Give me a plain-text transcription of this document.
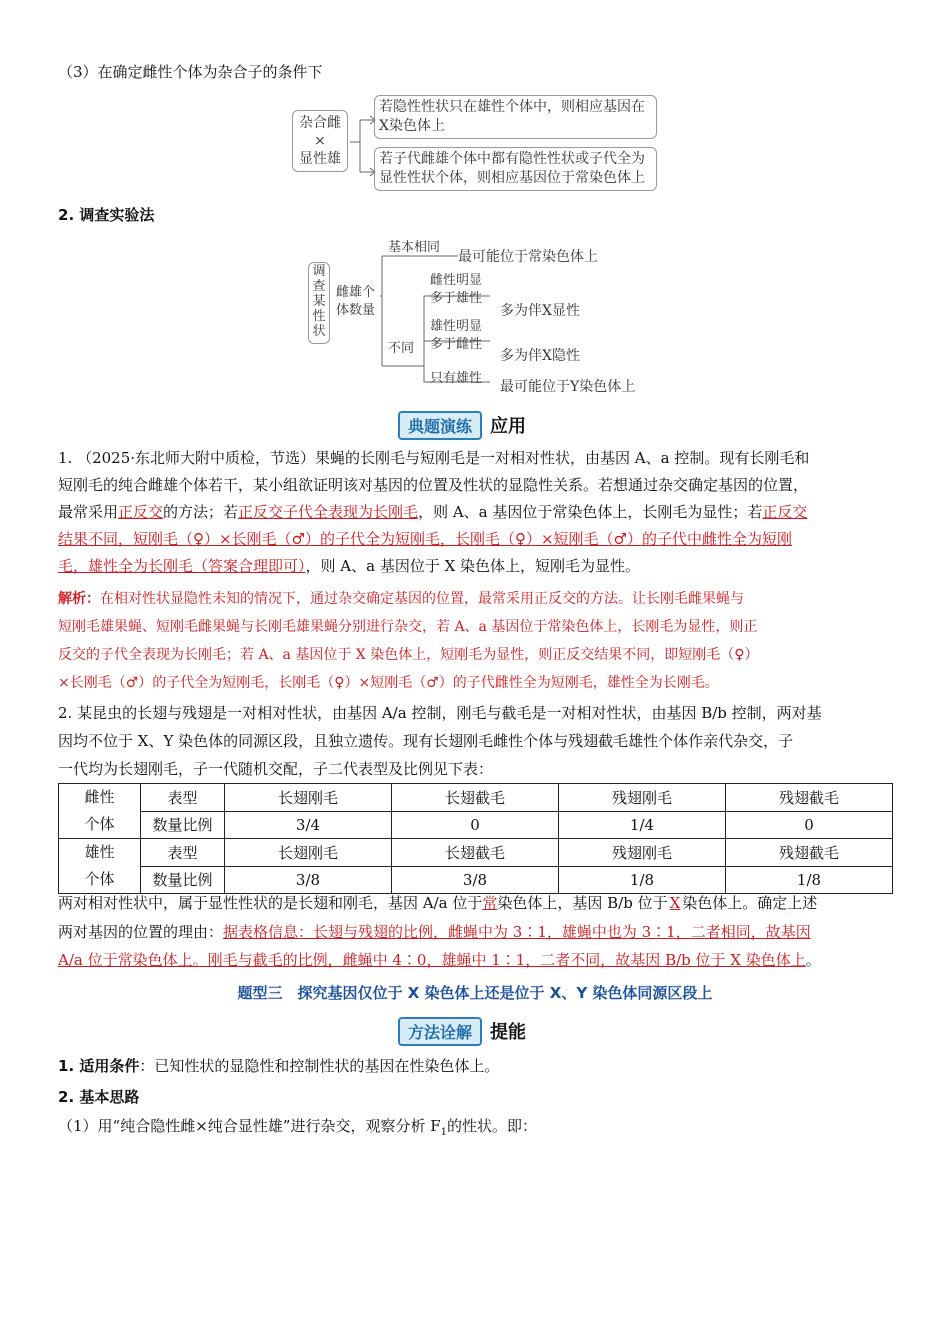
（3）在确定雌性个体为杂合子的条件下
杂合雌
×
显性雄
若隐性性状只在雄性个体中，则相应基因在
X染色体上
若子代雌雄个体中都有隐性性状或子代全为
显性性状个体，则相应基因位于常染色体上
2. 调查实验法
调
查
某
性
状
雌雄个
体数量
基本相同
最可能位于常染色体上
不同
雌性明显
多于雄性
多为伴X显性
雄性明显
多于雌性
多为伴X隐性
只有雄性
最可能位于Y染色体上
典题演练	应用
1. （2025·东北师大附中质检，节选）果蝇的长刚毛与短刚毛是一对相对性状，由基因 A、a 控制。现有长刚毛和
短刚毛的纯合雌雄个体若干，某小组欲证明该对基因的位置及性状的显隐性关系。若想通过杂交确定基因的位置，
最常采用正反交的方法；若正反交子代全表现为长刚毛，则 A、a 基因位于常染色体上，长刚毛为显性；若正反交
结果不同，短刚毛（♀）×长刚毛（♂）的子代全为短刚毛，长刚毛（♀）×短刚毛（♂）的子代中雌性全为短刚
毛，雄性全为长刚毛（答案合理即可），则 A、a 基因位于 X 染色体上，短刚毛为显性。
解析：在相对性状显隐性未知的情况下，通过杂交确定基因的位置，最常采用正反交的方法。让长刚毛雌果蝇与
短刚毛雄果蝇、短刚毛雌果蝇与长刚毛雄果蝇分别进行杂交，若 A、a 基因位于常染色体上，长刚毛为显性，则正
反交的子代全表现为长刚毛；若 A、a 基因位于 X 染色体上，短刚毛为显性，则正反交结果不同，即短刚毛（♀）
×长刚毛（♂）的子代全为短刚毛，长刚毛（♀）×短刚毛（♂）的子代雌性全为短刚毛，雄性全为长刚毛。
2. 某昆虫的长翅与残翅是一对相对性状，由基因 A/a 控制，刚毛与截毛是一对相对性状，由基因 B/b 控制，两对基
因均不位于 X、Y 染色体的同源区段，且独立遗传。现有长翅刚毛雌性个体与残翅截毛雄性个体作亲代杂交，子
一代均为长翅刚毛，子一代随机交配，子二代表型及比例见下表：
雌性
个体	表型	长翅刚毛	长翅截毛	残翅刚毛	残翅截毛
	数量比例	3/4	0	1/4	0

雄性
个体	表型	长翅刚毛	长翅截毛	残翅刚毛	残翅截毛
	数量比例	3/8	3/8	1/8	1/8
两对相对性状中，属于显性性状的是长翅和刚毛，基因 A/a 位于常染色体上，基因 B/b 位于 X 染色体上。确定上述
两对基因的位置的理由：据表格信息：长翅与残翅的比例，雌蝇中为 3∶1，雄蝇中也为 3∶1，二者相同，故基因
A/a 位于常染色体上。刚毛与截毛的比例，雌蝇中 4∶0，雄蝇中 1∶1，二者不同，故基因 B/b 位于 X 染色体上。
题型三　探究基因仅位于 X 染色体上还是位于 X、Y 染色体同源区段上
方法诠解	提能
1. 适用条件：已知性状的显隐性和控制性状的基因在性染色体上。
2. 基本思路
（1）用“纯合隐性雌×纯合显性雄”进行杂交，观察分析 $F_1$的性状。即：
